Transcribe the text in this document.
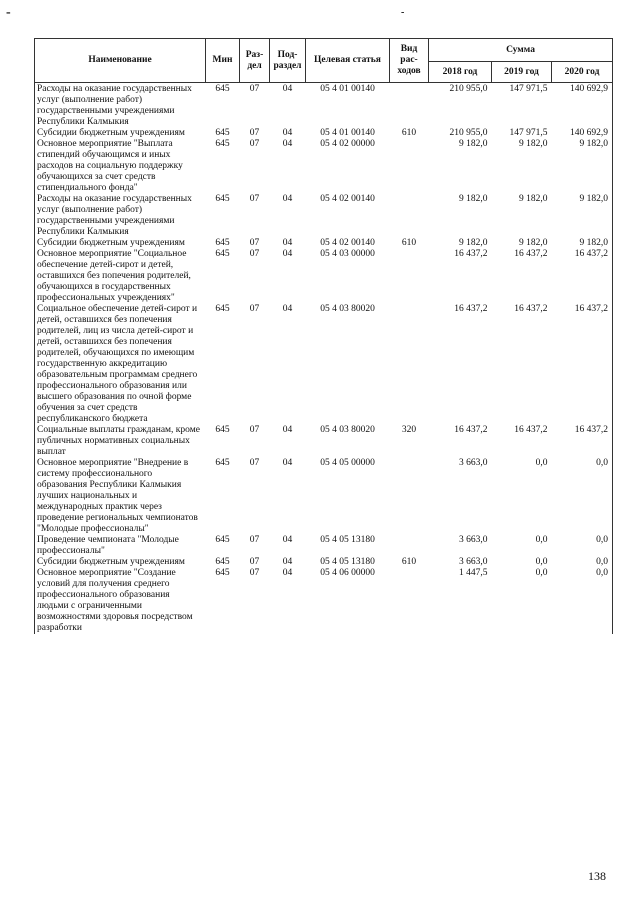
-	-
Наименование	Мин	Раз-дел	Под-раздел	Целевая статья	Вид рас-ходов	Сумма		
						2018 год	2019 год	2020 год
Расходы на оказание государственных услуг (выполнение работ) государственными учреждениями Республики Калмыкия	645	07	04	05 4 01 00140		210 955,0	147 971,5	140 692,9
Субсидии бюджетным учреждениям	645	07	04	05 4 01 00140	610	210 955,0	147 971,5	140 692,9
Основное мероприятие "Выплата стипендий обучающимся и иных расходов на социальную поддержку обучающихся за счет средств стипендиального фонда"	645	07	04	05 4 02 00000		9 182,0	9 182,0	9 182,0
Расходы на оказание государственных услуг (выполнение работ) государственными учреждениями Республики Калмыкия	645	07	04	05 4 02 00140		9 182,0	9 182,0	9 182,0
Субсидии бюджетным учреждениям	645	07	04	05 4 02 00140	610	9 182,0	9 182,0	9 182,0
Основное мероприятие "Социальное обеспечение детей-сирот и детей, оставшихся без попечения родителей, обучающихся в государственных профессиональных учреждениях"	645	07	04	05 4 03 00000		16 437,2	16 437,2	16 437,2
Социальное обеспечение детей-сирот и детей, оставшихся без попечения родителей, лиц из числа детей-сирот и детей, оставшихся без попечения родителей, обучающихся по имеющим государственную аккредитацию образовательным программам среднего профессионального образования или высшего образования по очной форме обучения за счет средств республиканского бюджета	645	07	04	05 4 03 80020		16 437,2	16 437,2	16 437,2
Социальные выплаты гражданам, кроме публичных нормативных социальных выплат	645	07	04	05 4 03 80020	320	16 437,2	16 437,2	16 437,2
Основное мероприятие "Внедрение в систему профессионального образования Республики Калмыкия лучших национальных и международных практик через проведение региональных чемпионатов "Молодые профессионалы"	645	07	04	05 4 05 00000		3 663,0	0,0	0,0
Проведение чемпионата "Молодые профессионалы"	645	07	04	05 4 05 13180		3 663,0	0,0	0,0
Субсидии бюджетным учреждениям	645	07	04	05 4 05 13180	610	3 663,0	0,0	0,0
Основное мероприятие "Создание условий для получения среднего профессионального образования людьми с ограниченными возможностями здоровья посредством разработки	645	07	04	05 4 06 00000		1 447,5	0,0	0,0
138
